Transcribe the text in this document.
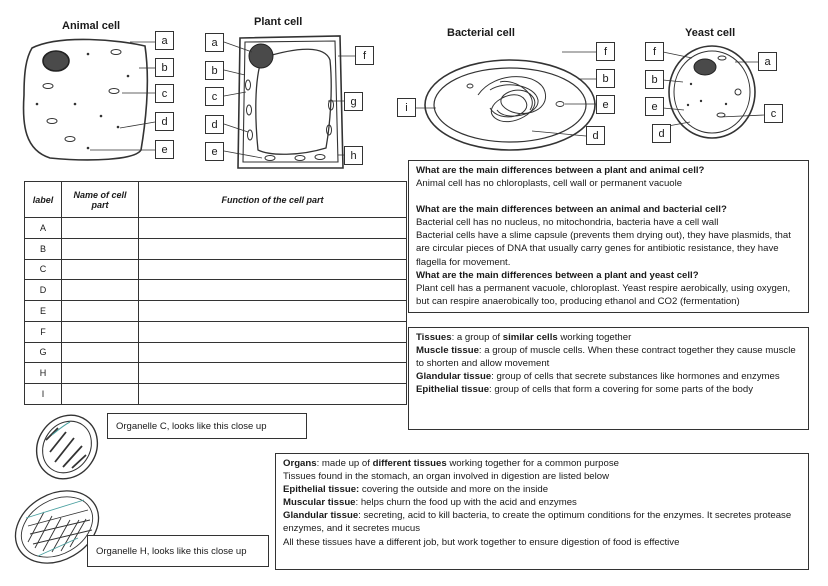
Animal cell	Plant cell
Bacterial cell	Yeast cell
a
b
c
d
e
a
b
c
d
e
f
g
h
i
f
b
e
d
f
b
e
d
a
c
label	Name of cell part	Function of the cell part
A		
B		
C		
D		
E		
F		
G		
H		
I		

What are the main differences between a plant and animal cell?

Animal cell has no chloroplasts, cell wall or permanent vacuole

What are the main differences between an animal and bacterial cell?

Bacterial cell has no nucleus, no mitochondria, bacteria have a cell wall

Bacterial cells have a slime capsule (prevents them drying out), they have plasmids, that are circular pieces of DNA that usually carry genes for antibiotic resistance, they have flagella for movement.

What are the main differences between a plant and yeast cell?

Plant cell has a permanent vacuole, chloroplast. Yeast respire aerobically, using oxygen, but can respire anaerobically too, producing ethanol and CO2 (fermentation)

Tissues: a group of similar cells working together

Muscle tissue: a group of muscle cells. When these contract together they cause muscle to shorten and allow movement

Glandular tissue: group of cells that secrete substances like hormones and enzymes

Epithelial tissue: group of cells that form a covering for some parts of the body

Organs: made up of different tissues working together for a common purpose

Tissues found in the stomach, an organ involved in digestion are listed below

Epithelial tissue: covering the outside and more on the inside

Muscular tissue: helps churn the food up with the acid and enzymes

Glandular tissue: secreting, acid to kill bacteria, to create the optimum conditions for the enzymes. It secretes protease enzymes, and it secretes mucus

All these tissues have a different job, but work together to ensure digestion of food is effective

Organelle C, looks like this close up
Organelle H, looks like this close up
